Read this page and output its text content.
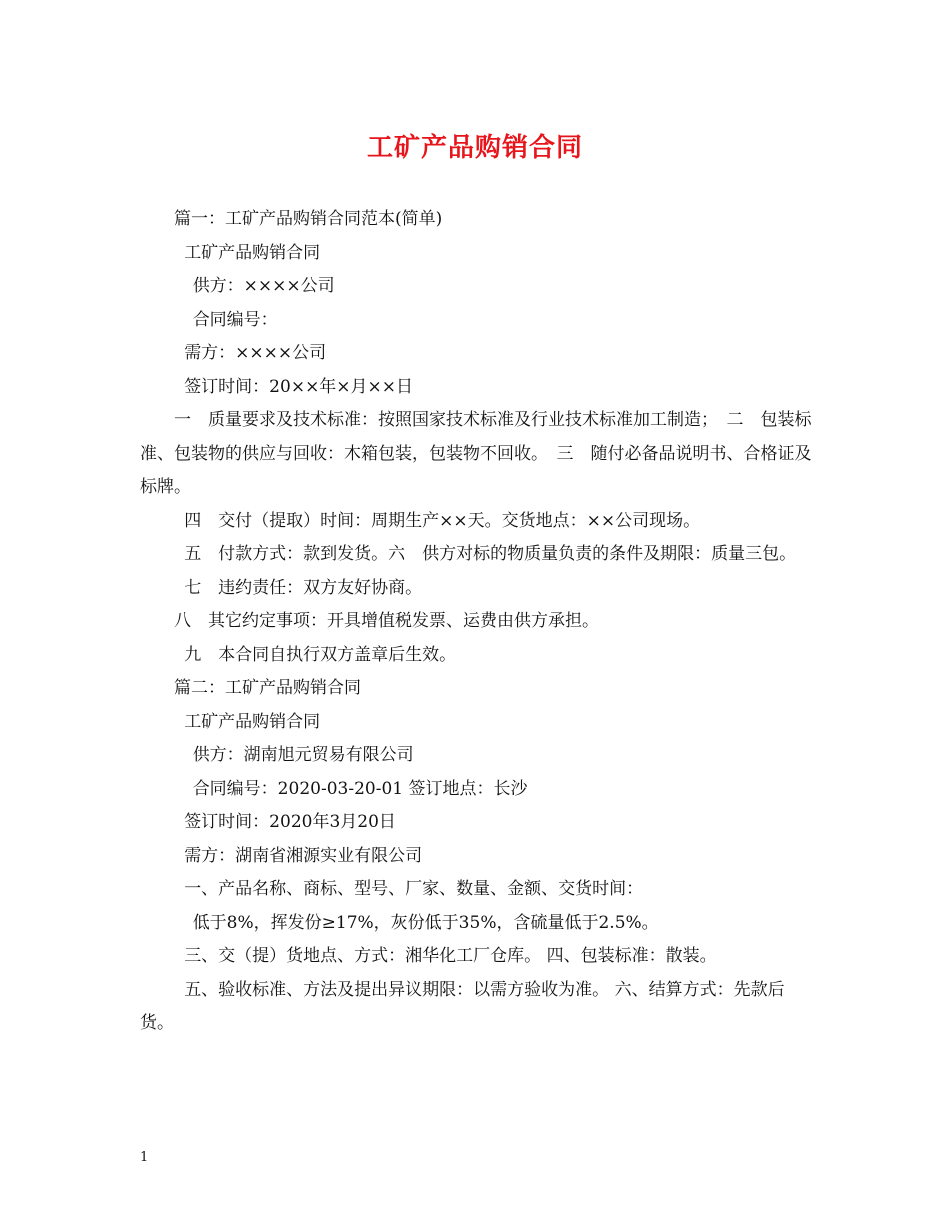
工矿产品购销合同

篇一：工矿产品购销合同范本(简单)

工矿产品购销合同

供方：××××公司

合同编号：

需方：××××公司

签订时间：20××年×月××日

一　质量要求及技术标准：按照国家技术标准及行业技术标准加工制造；　二　包装标准、包装物的供应与回收：木箱包装，包装物不回收。　三　随付必备品说明书、合格证及标牌。

四　交付（提取）时间：周期生产××天。交货地点：××公司现场。

五　付款方式：款到发货。六　供方对标的物质量负责的条件及期限：质量三包。

七　违约责任：双方友好协商。

八　其它约定事项：开具增值税发票、运费由供方承担。

九　本合同自执行双方盖章后生效。

篇二：工矿产品购销合同

工矿产品购销合同

供方：湖南旭元贸易有限公司

合同编号：2020-03-20-01 签订地点：长沙

签订时间：2020年3月20日

需方：湖南省湘源实业有限公司

一、产品名称、商标、型号、厂家、数量、金额、交货时间：

低于8%，挥发份≥17%，灰份低于35%，含硫量低于2.5%。

三、交（提）货地点、方式：湘华化工厂仓库。 四、包装标准：散装。

五、验收标准、方法及提出异议期限：以需方验收为准。 六、结算方式：先款后货。

1
